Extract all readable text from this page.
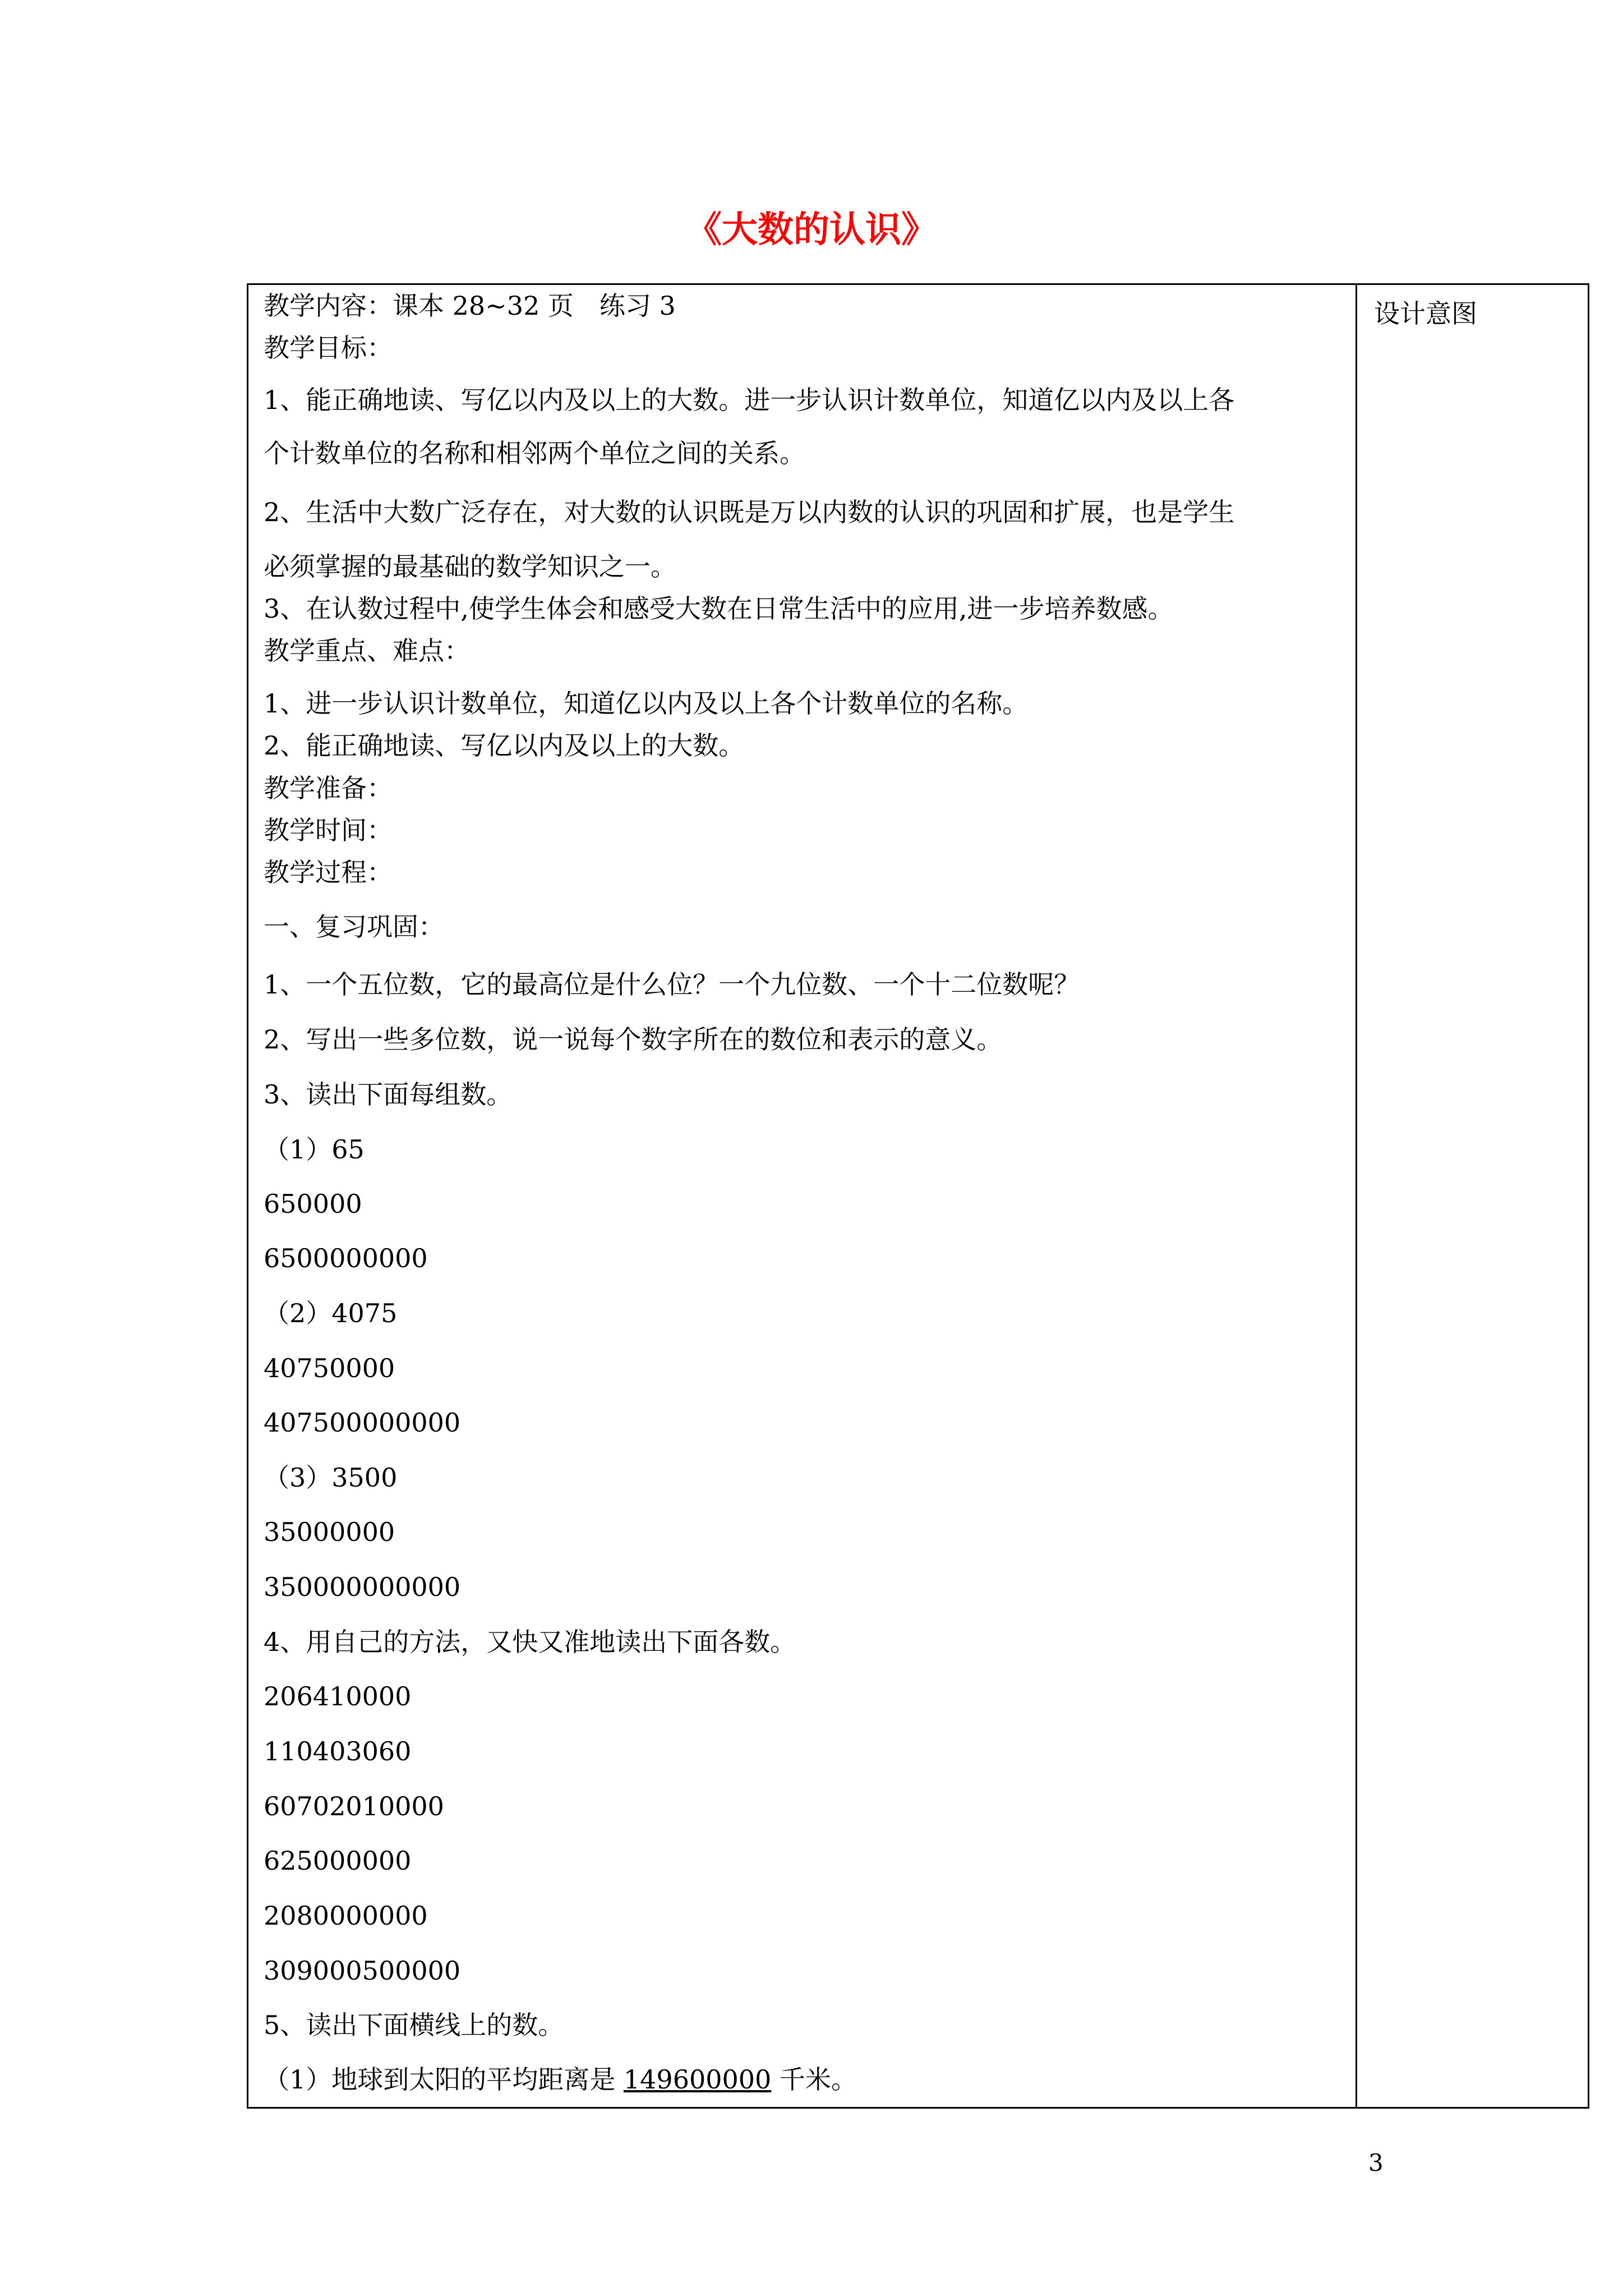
《大数的认识》
教学内容：课本 28~32 页　练习 3
教学目标：
1、能正确地读、写亿以内及以上的大数。进一步认识计数单位，知道亿以内及以上各
个计数单位的名称和相邻两个单位之间的关系。
2、生活中大数广泛存在，对大数的认识既是万以内数的认识的巩固和扩展，也是学生
必须掌握的最基础的数学知识之一。
3、在认数过程中,使学生体会和感受大数在日常生活中的应用,进一步培养数感。
教学重点、难点：
1、进一步认识计数单位，知道亿以内及以上各个计数单位的名称。
2、能正确地读、写亿以内及以上的大数。
教学准备：
教学时间：
教学过程：
一、复习巩固：
1、一个五位数，它的最高位是什么位？一个九位数、一个十二位数呢？
2、写出一些多位数，说一说每个数字所在的数位和表示的意义。
3、读出下面每组数。
（1）65
650000
6500000000
（2）4075
40750000
407500000000
（3）3500
35000000
350000000000
4、用自己的方法，又快又准地读出下面各数。
206410000
110403060
60702010000
625000000
2080000000
309000500000
5、读出下面横线上的数。
（1）地球到太阳的平均距离是 149600000 千米。
设计意图
3
